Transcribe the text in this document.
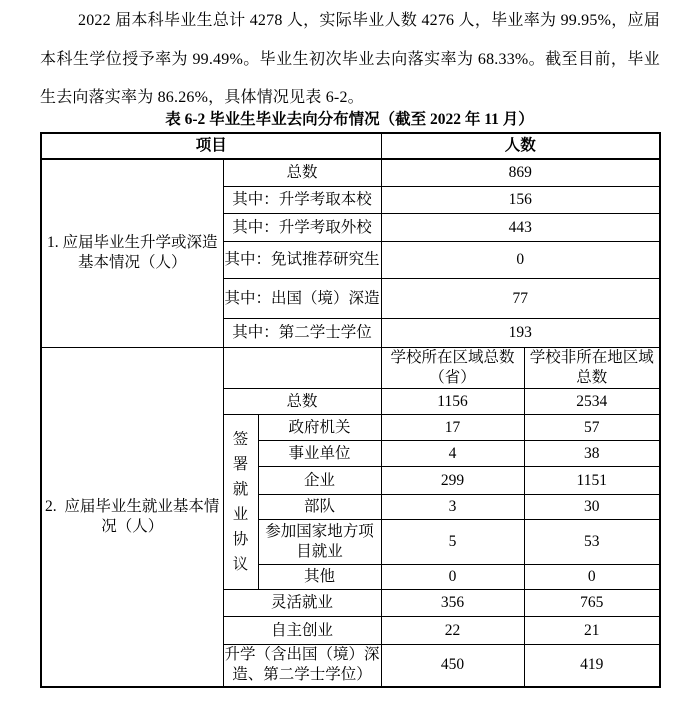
2022 届本科毕业生总计 4278 人，实际毕业人数 4276 人，毕业率为 99.95%，应届本科生学位授予率为 99.49%。毕业生初次毕业去向落实率为 68.33%。截至目前，毕业生去向落实率为 86.26%，具体情况见表 6-2。

表 6-2 毕业生毕业去向分布情况（截至 2022 年 11 月）
项目			人数	
1. 应届毕业生升学或深造基本情况（人）	总数		869	
	其中：升学考取本校		156	
	其中：升学考取外校		443	
	其中：免试推荐研究生		0	
	其中：出国（境）深造		77	
	其中：第二学士学位		193	
2.  应届毕业生就业基本情况（人）			学校所在区域总数（省）	学校非所在地区域总数
	总数		1156	2534
	签署就业协议	政府机关	17	57
		事业单位	4	38
		企业	299	1151
		部队	3	30
		参加国家地方项目就业	5	53
		其他	0	0
	灵活就业		356	765
	自主创业		22	21
	升学（含出国（境）深造、第二学士学位）		450	419
